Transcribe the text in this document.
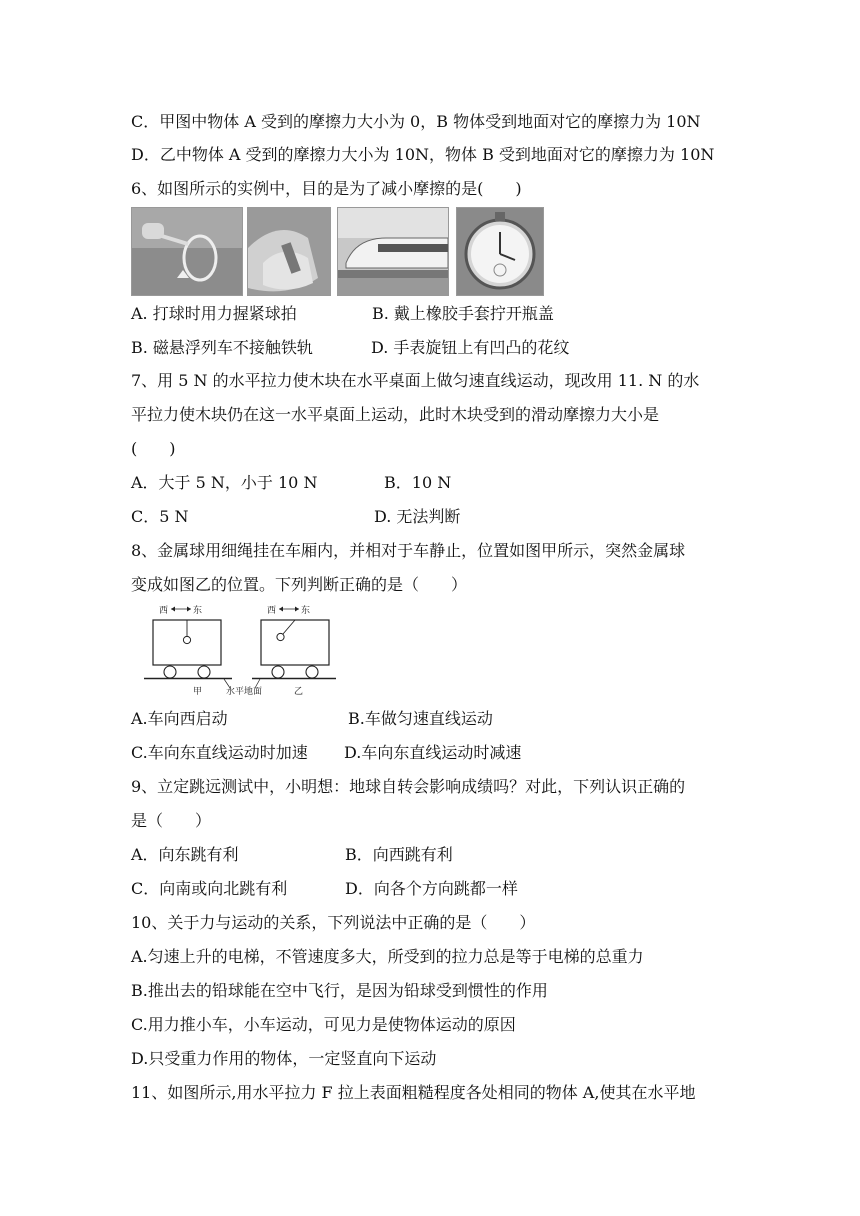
C．甲图中物体 A 受到的摩擦力大小为 0，B 物体受到地面对它的摩擦力为 10N
D．乙中物体 A 受到的摩擦力大小为 10N，物体 B 受到地面对它的摩擦力为 10N
6、如图所示的实例中，目的是为了减小摩擦的是(　　)
A. 打球时用力握紧球拍	B. 戴上橡胶手套拧开瓶盖
B. 磁悬浮列车不接触铁轨	D. 手表旋钮上有凹凸的花纹
7、用 5 N 的水平拉力使木块在水平桌面上做匀速直线运动，现改用 11. N 的水
平拉力使木块仍在这一水平桌面上运动，此时木块受到的滑动摩擦力大小是
(　　)
A．大于 5 N，小于 10 N	B．10 N
C．5 N	D. 无法判断
8、金属球用细绳挂在车厢内，并相对于车静止，位置如图甲所示，突然金属球
变成如图乙的位置。下列判断正确的是（　　）
西	东	西	东
甲	水平地面	乙
A.车向西启动	B.车做匀速直线运动
C.车向东直线运动时加速 D.车向东直线运动时减速
9、立定跳远测试中，小明想：地球自转会影响成绩吗？对此，下列认识正确的
是（　　）
A．向东跳有利	B．向西跳有利
C．向南或向北跳有利	D．向各个方向跳都一样
10、关于力与运动的关系，下列说法中正确的是（　　）
A.匀速上升的电梯，不管速度多大，所受到的拉力总是等于电梯的总重力
B.推出去的铅球能在空中飞行，是因为铅球受到惯性的作用
C.用力推小车，小车运动，可见力是使物体运动的原因
D.只受重力作用的物体，一定竖直向下运动
11、如图所示,用水平拉力 F 拉上表面粗糙程度各处相同的物体 A,使其在水平地
